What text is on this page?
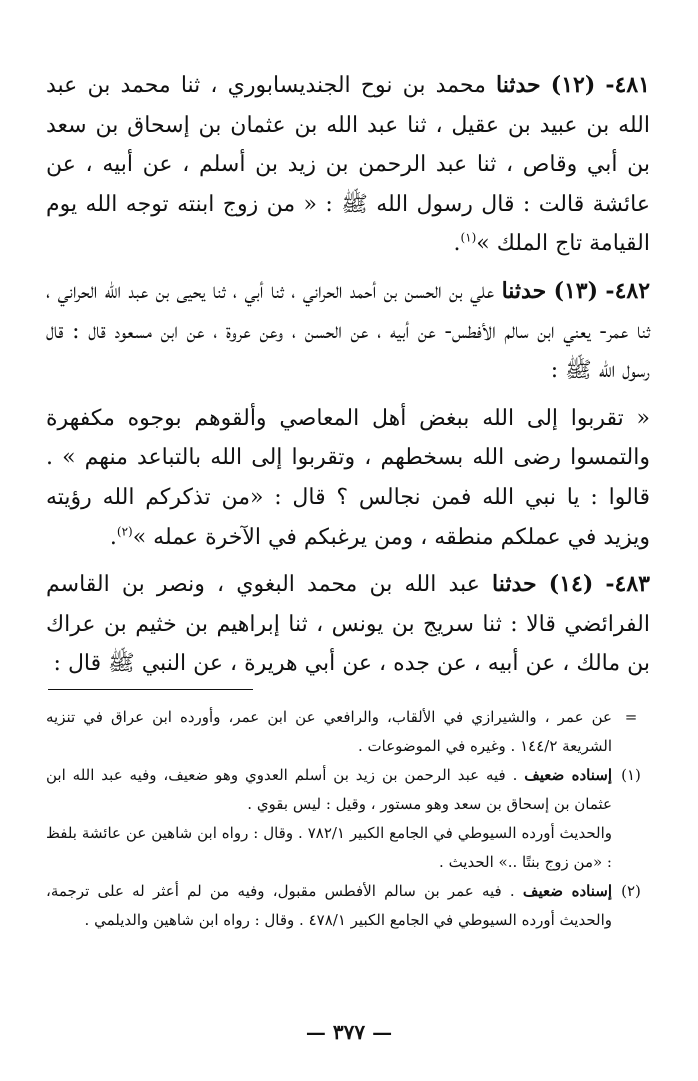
٤٨١- (١٢) حدثنا محمد بن نوح الجنديسابوري ، ثنا محمد بن عبد الله بن عبيد بن عقيل ، ثنا عبد الله بن عثمان بن إسحاق بن سعد بن أبي وقاص ، ثنا عبد الرحمن بن زيد بن أسلم ، عن أبيه ، عن عائشة قالت : قال رسول الله ﷺ : « من زوج ابنته توجه الله يوم القيامة تاج الملك »$^{(١)}$.

٤٨٢- (١٣) حدثنا علي بن الحسن بن أحمد الحراني ، ثنا أبي ، ثنا يحيى بن عبد الله الحراني ، ثنا عمر- يعني ابن سالم الأفطس- عن أبيه ، عن الحسن ، وعن عروة ، عن ابن مسعود قال : قال رسول الله ﷺ :

« تقربوا إلى الله ببغض أهل المعاصي وألقوهم بوجوه مكفهرة والتمسوا رضى الله بسخطهم ، وتقربوا إلى الله بالتباعد منهم » . قالوا : يا نبي الله فمن نجالس ؟ قال : «من تذكركم الله رؤيته ويزيد في عملكم منطقه ، ومن يرغبكم في الآخرة عمله »$^{(٢)}$.

٤٨٣- (١٤) حدثنا عبد الله بن محمد البغوي ، ونصر بن القاسم الفرائضي قالا : ثنا سريج بن يونس ، ثنا إبراهيم بن خثيم بن عراك بن مالك ، عن أبيه ، عن جده ، عن أبي هريرة ، عن النبي ﷺ قال :

=
عن عمر ، والشيرازي في الألقاب، والرافعي عن ابن عمر، وأورده ابن عراق في تنزيه الشريعة ١٤٤/٢ . وغيره في الموضوعات .
(١)
إسناده ضعيف . فيه عبد الرحمن بن زيد بن أسلم العدوي وهو ضعيف، وفيه عبد الله ابن عثمان بن إسحاق بن سعد وهو مستور ، وقيل : ليس بقوي .

والحديث أورده السيوطي في الجامع الكبير ٧٨٢/١ . وقال : رواه ابن شاهين عن عائشة بلفظ : «من زوج بنتًا ..» الحديث .

(٢)
إسناده ضعيف . فيه عمر بن سالم الأفطس مقبول، وفيه من لم أعثر له على ترجمة، والحديث أورده السيوطي في الجامع الكبير ٤٧٨/١ . وقال : رواه ابن شاهين والديلمي .
— ٣٧٧ —
